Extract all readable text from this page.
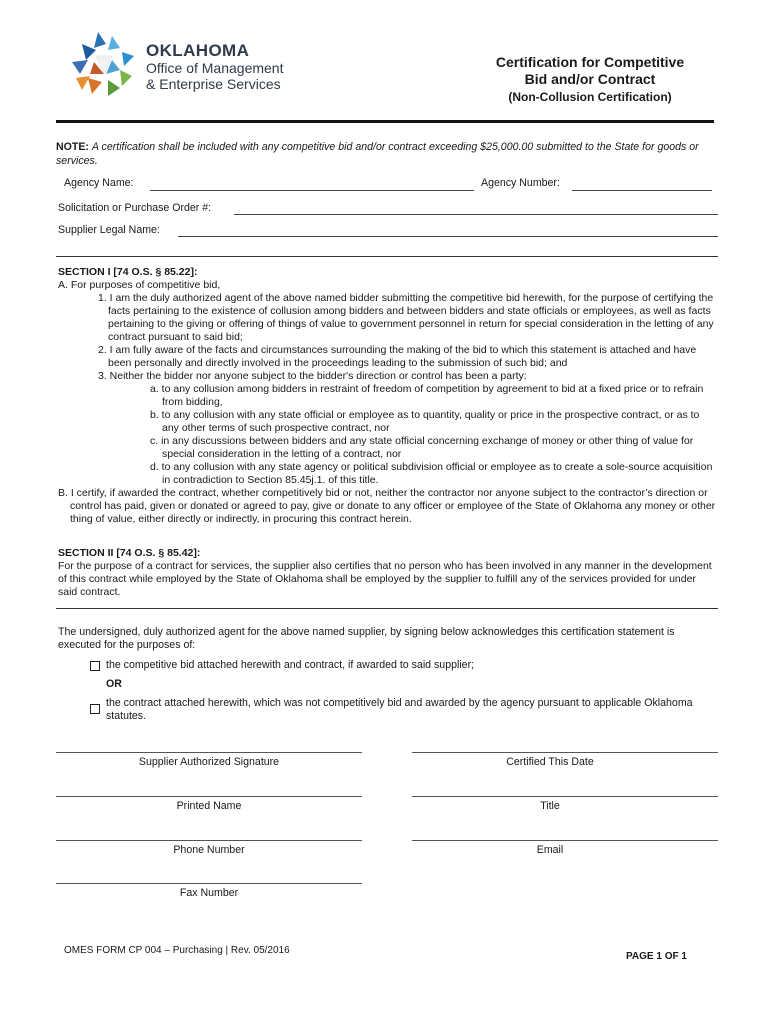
OKLAHOMA
Office of Management
& Enterprise Services
Certification for Competitive
Bid and/or Contract
(Non-Collusion Certification)
NOTE: A certification shall be included with any competitive bid and/or contract exceeding $25,000.00 submitted to the State for goods or services.
Agency Name:	Agency Number:
Solicitation or Purchase Order #:
Supplier Legal Name:
SECTION I [74 O.S. § 85.22]:
A. For purposes of competitive bid,

1. I am the duly authorized agent of the above named bidder submitting the competitive bid herewith, for the purpose of certifying the facts pertaining to the existence of collusion among bidders and between bidders and state officials or employees, as well as facts pertaining to the giving or offering of things of value to government personnel in return for special consideration in the letting of any contract pursuant to said bid;

2. I am fully aware of the facts and circumstances surrounding the making of the bid to which this statement is attached and have been personally and directly involved in the proceedings leading to the submission of such bid; and

3. Neither the bidder nor anyone subject to the bidder's direction or control has been a party:

a. to any collusion among bidders in restraint of freedom of competition by agreement to bid at a fixed price or to refrain from bidding,

b. to any collusion with any state official or employee as to quantity, quality or price in the prospective contract, or as to any other terms of such prospective contract, nor

c. in any discussions between bidders and any state official concerning exchange of money or other thing of value for special consideration in the letting of a contract, nor

d. to any collusion with any state agency or political subdivision official or employee as to create a sole-source acquisition in contradiction to Section 85.45j.1. of this title.

B. I certify, if awarded the contract, whether competitively bid or not, neither the contractor nor anyone subject to the contractor’s direction or control has paid, given or donated or agreed to pay, give or donate to any officer or employee of the State of Oklahoma any money or other thing of value, either directly or indirectly, in procuring this contract herein.
SECTION II [74 O.S. § 85.42]:
For the purpose of a contract for services, the supplier also certifies that no person who has been involved in any manner in the development of this contract while employed by the State of Oklahoma shall be employed by the supplier to fulfill any of the services provided for under said contract.
The undersigned, duly authorized agent for the above named supplier, by signing below acknowledges this certification statement is executed for the purposes of:
the competitive bid attached herewith and contract, if awarded to said supplier;
OR
the contract attached herewith, which was not competitively bid and awarded by the agency pursuant to applicable Oklahoma statutes.
Supplier Authorized Signature	Certified This Date
Printed Name	Title
Phone Number	Email
Fax Number
OMES FORM CP 004 – Purchasing | Rev. 05/2016
PAGE 1 OF 1
